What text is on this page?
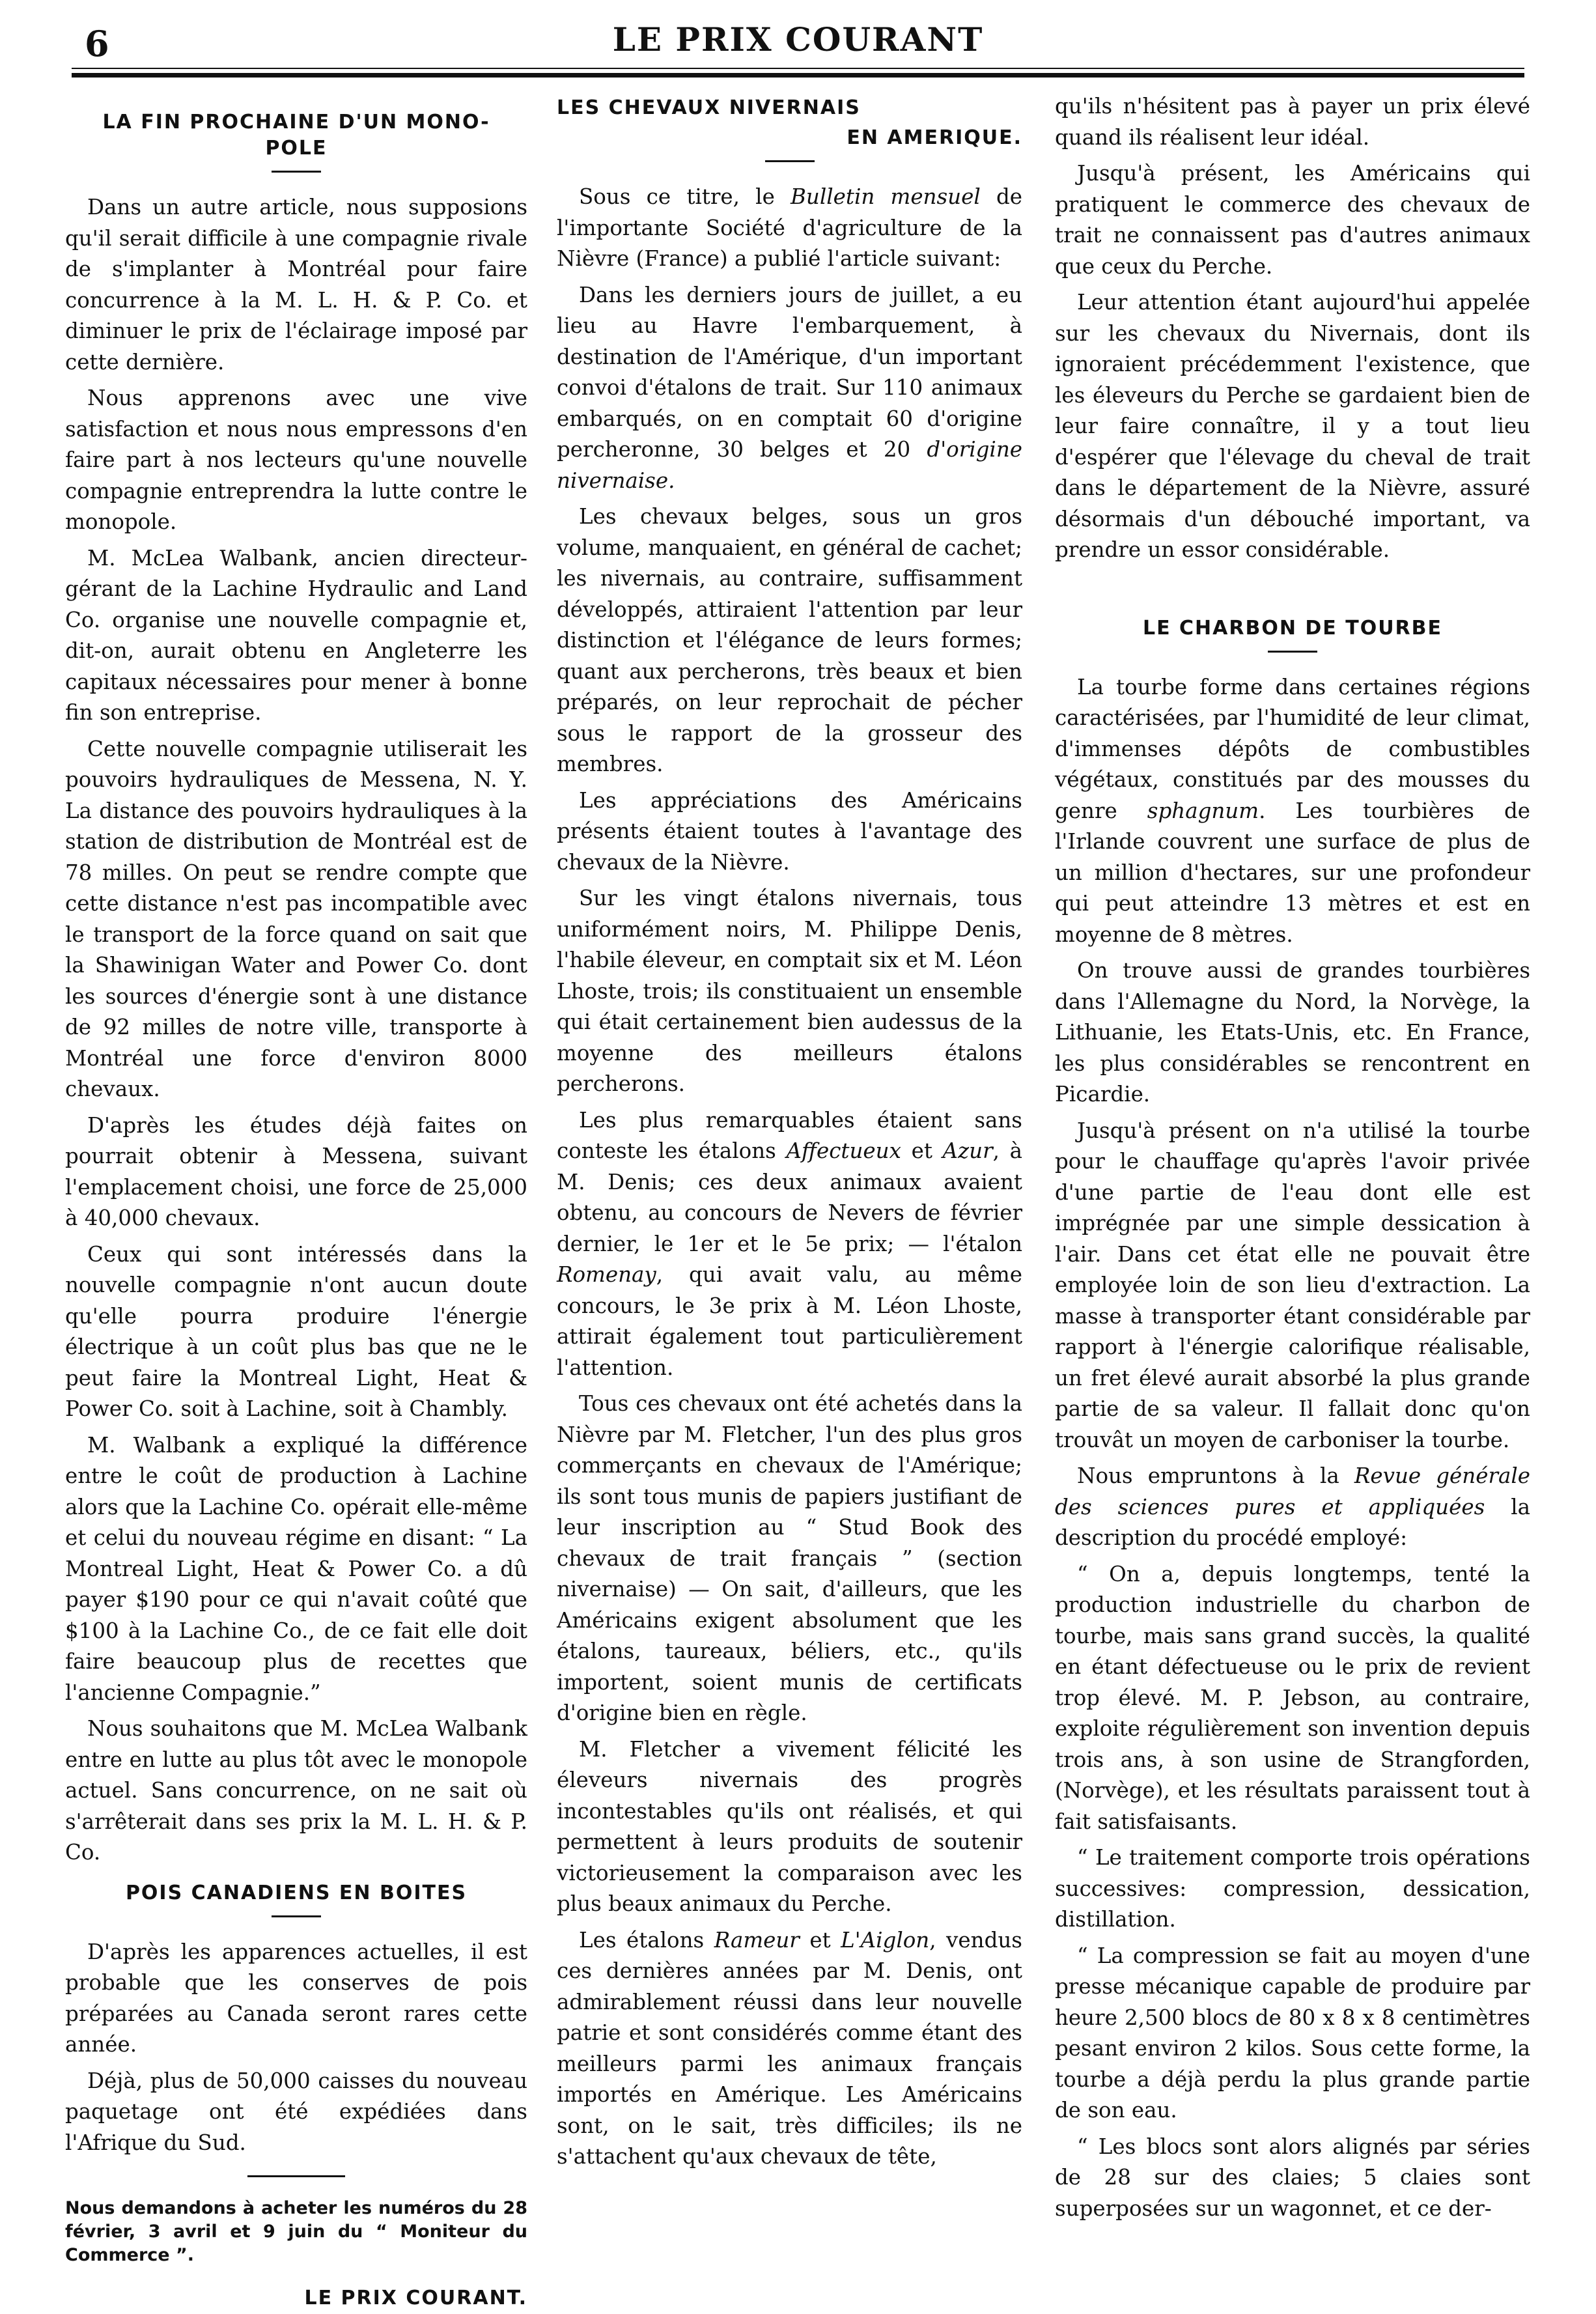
6	LE PRIX COURANT
LA FIN PROCHAINE D'UN MONO-
POLE

Dans un autre article, nous supposions qu'il serait difficile à une compagnie rivale de s'implanter à Montréal pour faire concurrence à la M. L. H. & P. Co. et diminuer le prix de l'éclairage imposé par cette dernière.

Nous apprenons avec une vive satisfaction et nous nous empressons d'en faire part à nos lecteurs qu'une nouvelle compagnie entreprendra la lutte contre le monopole.

M. McLea Walbank, ancien directeur-gérant de la Lachine Hydraulic and Land Co. organise une nouvelle compagnie et, dit-on, aurait obtenu en Angleterre les capitaux nécessaires pour mener à bonne fin son entreprise.

Cette nouvelle compagnie utiliserait les pouvoirs hydrauliques de Messena, N. Y. La distance des pouvoirs hydrauliques à la station de distribution de Montréal est de 78 milles. On peut se rendre compte que cette distance n'est pas incompatible avec le transport de la force quand on sait que la Shawinigan Water and Power Co. dont les sources d'énergie sont à une distance de 92 milles de notre ville, transporte à Montréal une force d'environ 8000 chevaux.

D'après les études déjà faites on pourrait obtenir à Messena, suivant l'emplacement choisi, une force de 25,000 à 40,000 chevaux.

Ceux qui sont intéressés dans la nouvelle compagnie n'ont aucun doute qu'elle pourra produire l'énergie électrique à un coût plus bas que ne le peut faire la Montreal Light, Heat & Power Co. soit à Lachine, soit à Chambly.

M. Walbank a expliqué la différence entre le coût de production à Lachine alors que la Lachine Co. opérait elle-même et celui du nouveau régime en disant: “ La Montreal Light, Heat & Power Co. a dû payer $190 pour ce qui n'avait coûté que $100 à la Lachine Co., de ce fait elle doit faire beaucoup plus de recettes que l'ancienne Compagnie.”

Nous souhaitons que M. McLea Walbank entre en lutte au plus tôt avec le monopole actuel. Sans concurrence, on ne sait où s'arrêterait dans ses prix la M. L. H. & P. Co.

POIS CANADIENS EN BOITES

D'après les apparences actuelles, il est probable que les conserves de pois préparées au Canada seront rares cette année.

Déjà, plus de 50,000 caisses du nouveau paquetage ont été expédiées dans l'Afrique du Sud.

Nous demandons à acheter les numéros du 28 février, 3 avril et 9 juin du “ Moniteur du Commerce ”.
LE PRIX COURANT.
LES CHEVAUX NIVERNAIS
EN AMERIQUE.

Sous ce titre, le Bulletin mensuel de l'importante Société d'agriculture de la Nièvre (France) a publié l'article suivant:

Dans les derniers jours de juillet, a eu lieu au Havre l'embarquement, à destination de l'Amérique, d'un important convoi d'étalons de trait. Sur 110 animaux embarqués, on en comptait 60 d'origine percheronne, 30 belges et 20 d'origine nivernaise.

Les chevaux belges, sous un gros volume, manquaient, en général de cachet; les nivernais, au contraire, suffisamment développés, attiraient l'attention par leur distinction et l'élégance de leurs formes; quant aux percherons, très beaux et bien préparés, on leur reprochait de pécher sous le rapport de la grosseur des membres.

Les appréciations des Américains présents étaient toutes à l'avantage des chevaux de la Nièvre.

Sur les vingt étalons nivernais, tous uniformément noirs, M. Philippe Denis, l'habile éleveur, en comptait six et M. Léon Lhoste, trois; ils constituaient un ensemble qui était certainement bien audessus de la moyenne des meilleurs étalons percherons.

Les plus remarquables étaient sans conteste les étalons Affectueux et Azur, à M. Denis; ces deux animaux avaient obtenu, au concours de Nevers de février dernier, le 1er et le 5e prix; — l'étalon Romenay, qui avait valu, au même concours, le 3e prix à M. Léon Lhoste, attirait également tout particulièrement l'attention.

Tous ces chevaux ont été achetés dans la Nièvre par M. Fletcher, l'un des plus gros commerçants en chevaux de l'Amérique; ils sont tous munis de papiers justifiant de leur inscription au “ Stud Book des chevaux de trait français ” (section nivernaise) — On sait, d'ailleurs, que les Américains exigent absolument que les étalons, taureaux, béliers, etc., qu'ils importent, soient munis de certificats d'origine bien en règle.

M. Fletcher a vivement félicité les éleveurs nivernais des progrès incontestables qu'ils ont réalisés, et qui permettent à leurs produits de soutenir victorieusement la comparaison avec les plus beaux animaux du Perche.

Les étalons Rameur et L'Aiglon, vendus ces dernières années par M. Denis, ont admirablement réussi dans leur nouvelle patrie et sont considérés comme étant des meilleurs parmi les animaux français importés en Amérique. Les Américains sont, on le sait, très difficiles; ils ne s'attachent qu'aux chevaux de tête,

qu'ils n'hésitent pas à payer un prix élevé quand ils réalisent leur idéal.

Jusqu'à présent, les Américains qui pratiquent le commerce des chevaux de trait ne connaissent pas d'autres animaux que ceux du Perche.

Leur attention étant aujourd'hui appelée sur les chevaux du Nivernais, dont ils ignoraient précédemment l'existence, que les éleveurs du Perche se gardaient bien de leur faire connaître, il y a tout lieu d'espérer que l'élevage du cheval de trait dans le département de la Nièvre, assuré désormais d'un débouché important, va prendre un essor considérable.

LE CHARBON DE TOURBE

La tourbe forme dans certaines régions caractérisées, par l'humidité de leur climat, d'immenses dépôts de combustibles végétaux, constitués par des mousses du genre sphagnum. Les tourbières de l'Irlande couvrent une surface de plus de un million d'hectares, sur une profondeur qui peut atteindre 13 mètres et est en moyenne de 8 mètres.

On trouve aussi de grandes tourbières dans l'Allemagne du Nord, la Norvège, la Lithuanie, les Etats-Unis, etc. En France, les plus considérables se rencontrent en Picardie.

Jusqu'à présent on n'a utilisé la tourbe pour le chauffage qu'après l'avoir privée d'une partie de l'eau dont elle est imprégnée par une simple dessication à l'air. Dans cet état elle ne pouvait être employée loin de son lieu d'extraction. La masse à transporter étant considérable par rapport à l'énergie calorifique réalisable, un fret élevé aurait absorbé la plus grande partie de sa valeur. Il fallait donc qu'on trouvât un moyen de carboniser la tourbe.

Nous empruntons à la Revue générale des sciences pures et appliquées la description du procédé employé:

“ On a, depuis longtemps, tenté la production industrielle du charbon de tourbe, mais sans grand succès, la qualité en étant défectueuse ou le prix de revient trop élevé. M. P. Jebson, au contraire, exploite régulièrement son invention depuis trois ans, à son usine de Strangforden, (Norvège), et les résultats paraissent tout à fait satisfaisants.

“ Le traitement comporte trois opérations successives: compression, dessication, distillation.

“ La compression se fait au moyen d'une presse mécanique capable de produire par heure 2,500 blocs de 80 x 8 x 8 centimètres pesant environ 2 kilos. Sous cette forme, la tourbe a déjà perdu la plus grande partie de son eau.

“ Les blocs sont alors alignés par séries de 28 sur des claies; 5 claies sont superposées sur un wagonnet, et ce der-
